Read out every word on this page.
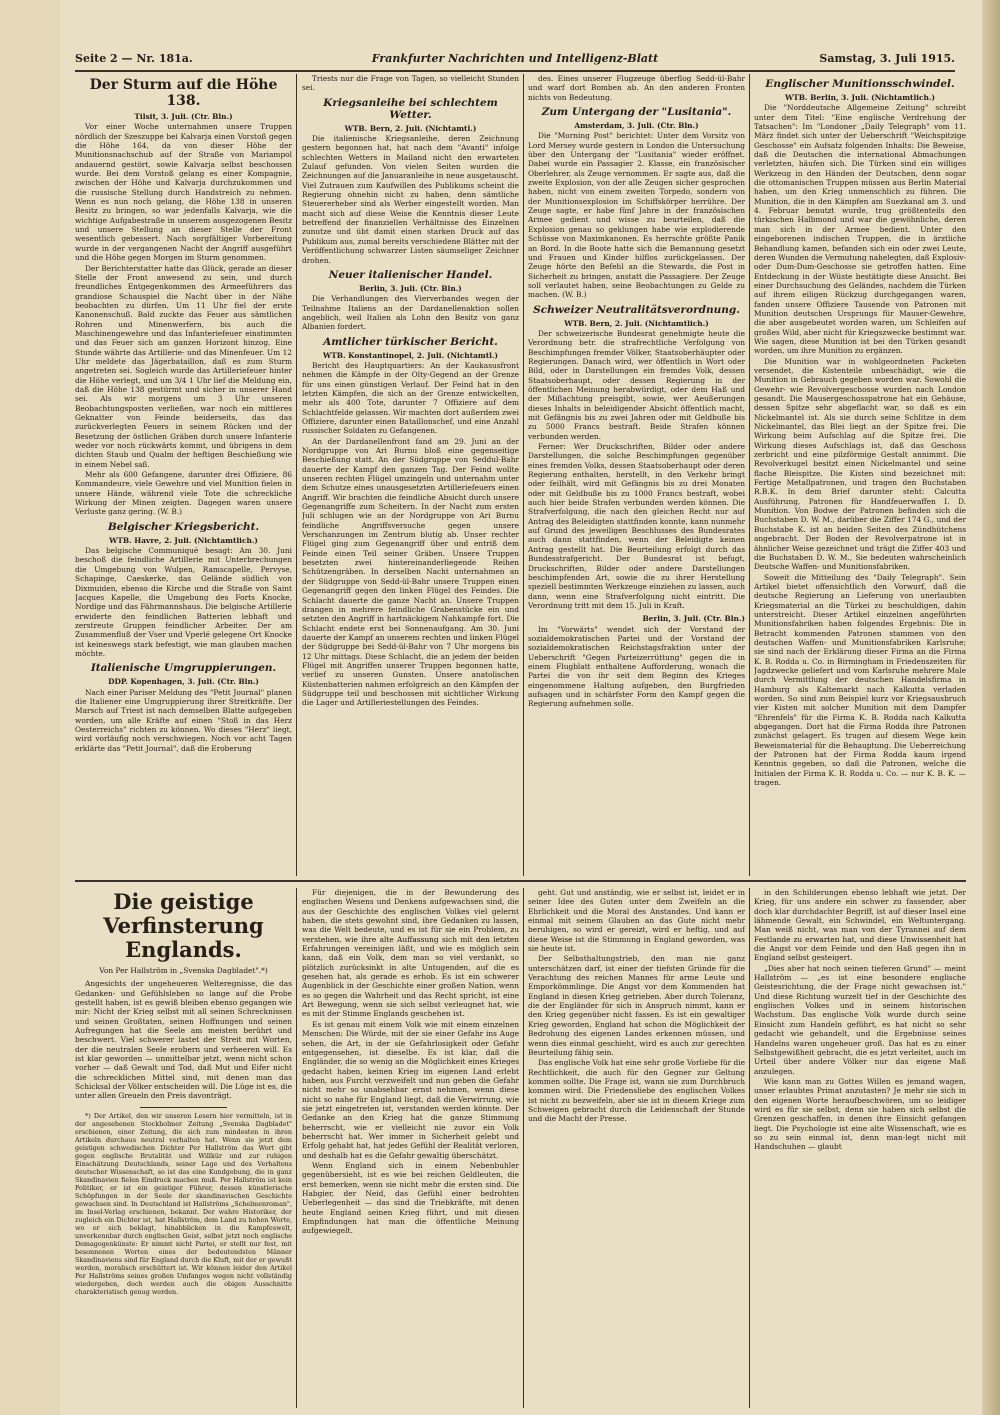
Seite 2 — Nr. 181a.	Frankfurter Nachrichten und Intelligenz-Blatt	Samstag, 3. Juli 1915.
Der Sturm auf die Höhe 138.

Tilsit, 3. Juli. (Ctr. Bln.)

Vor einer Woche unternahmen unsere Truppen nördlich der Szeszuppe bei Kalvarja einen Vorstoß gegen die Höhe 164, da von dieser Höhe der Munitionsnachschub auf der Straße von Mariampol andauernd gestört, sowie Kalvarja selbst beschossen wurde. Bei dem Vorstoß gelang es einer Kompagnie, zwischen der Höhe und Kalvarja durchzukommen und die russische Stellung durch Handstreich zu nehmen. Wenn es nun noch gelang, die Höhe 138 in unseren Besitz zu bringen, so war jedenfalls Kalvarja, wie die wichtige Aufgabestraße in unserem ausgezogenen Besitz und unsere Stellung an dieser Stelle der Front wesentlich gebessert. Nach sorgfältiger Vorbereitung wurde in der vergangenen Nacht der Angriff ausgeführt und die Höhe gegen Morgen im Sturm genommen.

Der Berichterstatter hatte das Glück, gerade an dieser Stelle der Front anwesend zu sein, und durch freundliches Entgegenkommen des Armeeführers das grandiose Schauspiel die Nacht über in der Nähe beobachten zu dürfen. Um 11 Uhr fiel der erste Kanonenschuß. Bald zuckte das Feuer aus sämtlichen Rohren und Minenwerfern, bis auch die Maschinengewehre und das Infanteriefeuer einstimmten und das Feuer sich am ganzen Horizont hinzog. Eine Stunde währte das Artillerie- und das Minenfeuer. Um 12 Uhr meldete das Jägerbataillon, daß es zum Sturm angetreten sei. Sogleich wurde das Artilleriefeuer hinter die Höhe verlegt, und um 3/4 1 Uhr lief die Meldung ein, daß die Höhe 138 gestürmt und sicher in unserer Hand sei. Als wir morgens um 3 Uhr unseren Beobachtungsposten verließen, war noch ein mittleres Geknatter von Feinde beiderseits, das das zurückverlegten Feuers in seinem Rücken und der Besetzung der östlichen Gräben durch unsere Infanterie weder vor noch rückwärts kommt, und übrigens in dem dichten Staub und Qualm der heftigen Beschießung wie in einem Nebel saß.

Mehr als 600 Gefangene, darunter drei Offiziere, 86 Kommandeure, viele Gewehre und viel Munition fielen in unsere Hände, während viele Tote die schreckliche Wirkung der Minen zeigten. Dagegen waren unsere Verluste ganz gering. (W. B.)

Belgischer Kriegsbericht.

WTB. Havre, 2. Juli. (Nichtamtlich.)

Das belgische Communiqué besagt: Am 30. Juni beschoß die feindliche Artillerie mit Unterbrechungen die Umgebung von Wulpen, Ramscapelle, Pervyse, Schapinge, Caeskerke, das Gelände südlich von Dixmuiden, ebenso die Kirche und die Straße von Saint Jacques Kapelle, die Umgebung des Forts Knocke, Nordige und das Fährmannshaus. Die belgische Artillerie erwiderte den feindlichen Batterien lebhaft und zerstreute Gruppen feindlicher Arbeiter. Der am Zusammenfluß der Vser und Vperlé gelegene Ort Knocke ist keineswegs stark befestigt, wie man glauben machen möchte.

Italienische Umgruppierungen.

DDP. Kopenhagen, 3. Juli. (Ctr. Bln.)

Nach einer Pariser Meldung des "Petit Journal" planen die Italiener eine Umgruppierung ihrer Streitkräfte. Der Marsch auf Triest ist nach demselben Blatte aufgegeben worden, um alle Kräfte auf einen "Stoß in das Herz Oesterreichs" richten zu können. Wo dieses "Herz" liegt, wird vorläufig noch verschwiegen. Noch vor acht Tagen erklärte das "Petit Journal", daß die Eroberung

Triests nur die Frage von Tagen, so vielleicht Stunden sei.

Kriegsanleihe bei schlechtem Wetter.

WTB. Bern, 2. Juli. (Nichtamtl.)

Die italienische Kriegsanleihe, deren Zeichnung gestern begonnen hat, hat nach dem "Avanti" infolge schlechten Wetters in Mailand nicht den erwarteten Zulauf gefunden. Von vielen Seiten wurden die Zeichnungen auf die Januaranleihe in neue ausgetauscht. Viel Zutrauen zum Kaufwillen des Publikums scheint die Regierung ohnehin nicht zu haben, denn sämtliche Steuererheber sind als Werber eingestellt worden. Man macht sich auf diese Weise die Kenntnis dieser Leute betreffend der finanziellen Verhältnisse des Einzelnen zunutze und übt damit einen starken Druck auf das Publikum aus, zumal bereits verschiedene Blätter mit der Veröffentlichung schwarzer Listen säumseliger Zeichner drohen.

Neuer italienischer Handel.

Berlin, 3. Juli. (Ctr. Bln.)

Die Verhandlungen des Vierverbandes wegen der Teilnahme Italiens an der Dardanellenaktion sollen angeblich, weil Italien als Lohn den Besitz von ganz Albanien fordert.

Amtlicher türkischer Bericht.

WTB. Konstantinopel, 2. Juli. (Nichtamtl.)

Bericht des Hauptquartiers: An der Kaukasusfront nehmen die Kämpfe in der Olty-Gegend an der Grenze für uns einen günstigen Verlauf. Der Feind hat in den letzten Kämpfen, die sich an der Grenze entwickelten, mehr als 400 Tote, darunter 7 Offiziere auf dem Schlachtfelde gelassen. Wir machten dort außerdem zwei Offiziere, darunter einen Bataillonschef, und eine Anzahl russischer Soldaten zu Gefangenen.

An der Dardanellenfront fand am 29. Juni an der Nordgruppe von Ari Burnu bloß eine gegenseitige Beschießung statt. An der Südgruppe von Seddul-Bahr dauerte der Kampf den ganzen Tag. Der Feind wollte unseren rechten Flügel umzingeln und unternahm unter dem Schutze eines unausgesetzten Artilleriefeuers einen Angriff. Wir brachten die feindliche Absicht durch unsere Gegenangriffe zum Scheitern. In der Nacht zum ersten Juli schlugen wie an der Nordgruppe von Ari Burnu feindliche Angriffsversuche gegen unsere Verschanzungen im Zentrum blutig ab. Unser rechter Flügel ging zum Gegenangriff über und entriß dem Feinde einen Teil seiner Gräben. Unsere Truppen besetzten zwei hintereinanderliegende Reihen Schützengräben. In derselben Nacht unternahmen an der Südgruppe von Sedd-ül-Bahr unsere Truppen einen Gegenangriff gegen den linken Flügel des Feindes. Die Schlacht dauerte die ganze Nacht an. Unsere Truppen drangen in mehrere feindliche Grabenstücke ein und setzten den Angriff in hartnäckigem Nahkampfe fort. Die Schlacht endete erst bei Sonnenaufgang. Am 30. Juni dauerte der Kampf an unserem rechten und linken Flügel der Südgruppe bei Sedd-ül-Bahr von 7 Uhr morgens bis 12 Uhr mittags. Diese Schlacht, die an jedem der beiden Flügel mit Angriffen unserer Truppen begonnen hatte, verlief zu unseren Gunsten. Unsere anatolischen Küstenbatterien nahmen erfolgreich an den Kämpfen der Südgruppe teil und beschossen mit sichtlicher Wirkung die Lager und Artilleriestellungen des Feindes.

des. Eines unserer Flugzeuge überflog Sedd-ül-Bahr und warf dort Bomben ab. An den anderen Fronten nichts von Bedeutung.

Zum Untergang der "Lusitania".

Amsterdam, 3. Juli. (Ctr. Bln.)

Die "Morning Post" berichtet: Unter dem Vorsitz von Lord Mersey wurde gestern in London die Untersuchung über den Untergang der "Lusitania" wieder eröffnet. Dabei wurde ein Passagier 2. Klasse, ein französischer Oberlehrer, als Zeuge vernommen. Er sagte aus, daß die zweite Explosion, von der alle Zeugen sicher gesprochen haben, nicht von einem zweiten Torpedo, sondern von der Munitionsexplosion im Schiffskörper herrühre. Der Zeuge sagte, er habe fünf Jahre in der französischen Armee gedient und wisse zu beurteilen, daß die Explosion genau so geklungen habe wie explodierende Schüsse von Maximkanonen. Es herrschte größte Panik an Bord. In die Boote hatte sich die Bemannung gesetzt und Frauen und Kinder hilflos zurückgelassen. Der Zeuge hörte den Befehl an die Stewards, die Post in Sicherheit zu bringen, anstatt die Passagiere. Der Zeuge soll verlautet haben, seine Beobachtungen zu Gelde zu machen. (W. B.)

Schweizer Neutralitätsverordnung.

WTB. Bern, 2. Juli. (Nichtamtlich.)

Der schweizerische Bundesrat genehmigte heute die Verordnung betr. die strafrechtliche Verfolgung von Beschimpfungen fremder Völker, Staatsoberhäupter oder Regierungen. Danach wird, wer öffentlich in Wort oder Bild, oder in Darstellungen ein fremdes Volk, dessen Staatsoberhaupt, oder dessen Regierung in der öffentlichen Meinung herabwürdigt, oder dem Haß und der Mißachtung preisgibt, sowie, wer Aeußerungen dieses Inhalts in beleidigender Absicht öffentlich macht, mit Gefängnis bis zu zwei Jahren oder mit Geldbuße bis zu 5000 Francs bestraft. Beide Strafen können verbunden werden.

Ferner: Wer Druckschriften, Bilder oder andere Darstellungen, die solche Beschimpfungen gegenüber eines fremden Volks, dessen Staatsoberhaupt oder deren Regierung enthalten, herstellt, in den Verkehr bringt oder feilhält, wird mit Gefängnis bis zu drei Monaten oder mit Geldbuße bis zu 1000 Francs bestraft, wobei auch hier beide Strafen verbunden werden können. Die Strafverfolgung, die nach den gleichen Recht nur auf Antrag des Beleidigten stattfinden konnte, kann nunmehr auf Grund des jeweiligen Beschlusses des Bundesrates auch dann stattfinden, wenn der Beleidigte keinen Antrag gestellt hat. Die Beurteilung erfolgt durch das Bundesstrafgericht. Der Bundesrat ist befugt, Druckschriften, Bilder oder andere Darstellungen beschimpfenden Art, sowie die zu ihrer Herstellung speziell bestimmten Werkzeuge einziehen zu lassen, auch dann, wenn eine Strafverfolgung nicht eintritt. Die Verordnung tritt mit dem 15. Juli in Kraft.

Berlin, 3. Juli. (Ctr. Bln.)

Im "Vorwärts" wendet sich der Vorstand der sozialdemokratischen Partei und der Vorstand der sozialdemokratischen Reichstagsfraktion unter der Ueberschrift "Gegen Parteizerrüttung" gegen die in einem Flugblatt enthaltene Aufforderung, wonach die Partei die von ihr seit dem Beginn des Krieges eingenommene Haltung aufgeben, den Burgfrieden aufsagen und in schärfster Form den Kampf gegen die Regierung aufnehmen solle.

Englischer Munitionsschwindel.

WTB. Berlin, 3. Juli. (Nichtamtlich.)

Die "Norddeutsche Allgemeine Zeitung" schreibt unter dem Titel: "Eine englische Verdrehung der Tatsachen": Im "Londoner „Daily Telegraph" vom 11. März findet sich unter der Ueberschrift "Weichspitzige Geschosse" ein Aufsatz folgenden Inhalts: Die Beweise, daß die Deutschen die international Abmachungen verletzten, häufen sich. Die Türken sind ein williges Werkzeug in den Händen der Deutschen, denn sogar die ottomanischen Truppen müssen aus Berlin Material haben, um den Krieg unmenschlich zu führen. Die Munition, die in den Kämpfen am Suezkanal am 3. und 4. Februar benutzt wurde, trug größtenteils den türkischen Halbmond und war die gewöhnliche, deren man sich in der Armee bedient. Unter den eingeborenen indischen Truppen, die in ärztliche Behandlung kamen, befanden sich ein oder zwei Leute, deren Wunden die Vermutung nahelegten, daß Explosiv- oder Dum-Dum-Geschosse sie getroffen hatten. Eine Entdeckung in der Wüste bestätigte diese Ansicht. Bei einer Durchsuchung des Geländes, nachdem die Türken auf ihrem eiligen Rückzug durchgegangen waren, fanden unsere Offiziere Tausende von Patronen mit Munition deutschen Ursprungs für Mauser-Gewehre, die aber ausgebeutet worden waren, um Schleifen auf großes Wild, aber nicht für Kriegszwecke bestimmt war. Wie sagen, diese Munition ist bei den Türken gesandt worden, um ihre Munition zu ergänzen.

Die Munition war in wohlgeordneten Packeten versendet, die Kistenteile unbeschädigt, wie die Munition in Gebrauch gegeben worden war. Sowohl die Gewehr- wie Revolvergeschosse wurden nach London gesandt. Die Mausergeschosspatrone hat ein Gehäuse, dessen Spitze sehr abgeflacht war, so daß es ein Nickelmantel ist. Als sie durch seine Schlitze in dem Nickelmantel, das Blei liegt an der Spitze frei. Die Wirkung beim Aufschlag auf die Spitze frei. Die Wirkung dieses Aufschlags ist, daß das Geschoss zerbricht und eine pilzförmige Gestalt annimmt. Die Revolverkugel besitzt einen Nickelmantel und seine flache Bleispitze. Die Kisten sind bezeichnet mit: Fertige Metallpatronen, und tragen den Buchstaben R.B.K. In dem Brief darunter steht: Calcutta Ausführung, Patronen für Handfeuerwaffen I. D. Munition. Von Bodwe der Patronen befinden sich die Buchstaben D. W. M., darüber die Ziffer 174 G., und der Buchstabe K. ist an beiden Seiten des Zündhütchens angebracht. Der Boden der Revolverpatrone ist in ähnlicher Weise gezeichnet und trägt die Ziffer 403 und die Buchstaben D. W. M., Sie bedeuten wahrscheinlich Deutsche Waffen- und Munitionsfabriken.

Soweit die Mitteilung des "Daily Telegraph". Sein Artikel bietet offensichtlich den Vorwurf, daß die deutsche Regierung an Lieferung von unerlaubten Kriegsmaterial an die Türkei zu beschuldigen, dahin unterstreicht. Dieser Artikel einzelnen angeführten Munitionsfabriken haben folgendes Ergebnis: Die in Betracht kommenden Patronen stammen von den deutschen Waffen- und Munitionsfabriken Karlsruhe; sie sind nach der Erklärung dieser Firma an die Firma K. B. Rodda u. Co. in Birmingham in Friedenszeiten für Jagdzwecke geliefert und vom Karlsruhe mehrere Male durch Vermittlung der deutschen Handelsfirma in Hamburg als Kaltemarkt nach Kalkutta verladen worden. So sind zum Beispiel kurz vor Kriegsausbruch vier Kisten mit solcher Munition mit dem Dampfer "Ehrenfels" für die Firma K. B. Rodda nach Kalkutta abgegangen. Dort hat die Firma Rodda ihre Patronen zunächst gelagert. Es trugen auf diesem Wege kein Beweismaterial für die Behauptung. Die Ueberreichung der Patronen hat der Firma Rodda kaum irgend Kenntnis gegeben, so daß die Patronen, welche die Initialen der Firma K. B. Rodda u. Co. — nur K. B. K. — tragen.

Die geistige Verfinsterung Englands.
Von Per Hallström in „Svenska Dagbladet".*)

Angesichts der ungeheueren Welteregnisse, die das Gedanken- und Gefühlsleben so lange auf die Probe gestellt haben, ist es gewiß bleiben ebenso gegangen wie mir: Nicht der Krieg selbst mit all seinen Schrecknissen und seinen Großtaten, seinen Hoffnungen und seinen Aufregungen hat die Seele am meisten berührt und beschwert. Viel schwerer lastet der Streit mit Worten, der die neutralen Seele erobern und verheeren will. Es ist klar geworden — unmittelbar jetzt, wenn nicht schon vorher — daß Gewalt und Tod, daß Mut und Eifer nicht die schrecklichen Mittel sind, mit denen man das Schicksal der Völker entscheiden will. Die Lüge ist es, die unter allen Greueln den Preis davonträgt.

*) Der Artikel, den wir unseren Lesern hier vermitteln, ist in der angesehenen Stockholmer Zeitung „Svenska Dagbladet" erschienen, einer Zeitung, die sich zum mindesten in ihren Artikeln durchaus neutral verhalten hat. Wenn sie jetzt dem geistigen schwedischen Dichter Per Hallström das Wort gibt gegen englische Brutalität und Willkür und zur ruhigen Einschätzung Deutschlands, seiner Lage und des Verhaltens deutscher Wissenschaft, so ist das eine Kundgebung, die in ganz Skandinavien fielen Eindruck machen muß. Per Hallström ist kein Politiker, er ist ein geistiger Führer, dessen künstlerische Schöpfungen in der Seele der skandinavischen Geschichte gewachsen sind. In Deutschland ist Hallströms „Schelmenroman", im Insel-Verlag erschienen, bekannt. Der wahre Historiker, der zugleich ein Dichter ist, hat Hallström, dem Land zu hohen Worte, wo er sich beklagt, hinabblicken in die Kampfeswelt, unverkennbar durch englischen Geist, selbst jetzt noch englische Demagogenkünste: Er nimmt nicht Partei, er stellt nur fest, mit besonnenen Worten eines der bedeutendsten Männer Skandinaviens sind für England durch die Kluft, mit der er gewußt werden, moralisch erschüttert ist. Wir können leider den Artikel Per Hallströms seines großen Umfanges wegen nicht vollständig wiedergeben, doch werden auch die obigen Ausschnitte charakteristisch genug werden.

Für diejenigen, die in der Bewunderung des englischen Wesens und Denkens aufgewachsen sind, die aus der Geschichte des englischen Volkes viel gelernt haben, die stets gewohnt sind, ihre Gedanken zu lassen, was die Welt bedeute, und es ist für sie ein Problem, zu verstehen, wie ihre alte Auffassung sich mit den letzten Erfahrungen vereinigen läßt, und wie es möglich sein kann, daß ein Volk, dem man so viel verdankt, so plötzlich zurücksinkt in alte Untugenden, auf die es gesehen hat, als gerade es erhob. Es ist ein schwerer Augenblick in der Geschichte einer großen Nation, wenn es so gegen die Wahrheit und das Recht spricht, ist eine Art Bewegung, wenn sie sich selbst verleugnet hat, wie es mit der Stimme Englands geschehen ist.

Es ist genau mit einem Volk wie mit einem einzelnen Menschen: Die Würde, mit der sie einer Gefahr ins Auge sehen, die Art, in der sie Gefahrlosigkeit oder Gefahr entgegensehen, ist dieselbe. Es ist klar, daß die Engländer, die so wenig an die Möglichkeit eines Krieges gedacht haben, keinen Krieg im eigenen Land erlebt haben, aus Furcht verzweifelt und nun geben die Gefahr nicht mehr so unabsehbar ernst nehmen, wenn diese nicht so nahe für England liegt, daß die Verwirrung, wie sie jetzt eingetreten ist, verstanden werden könnte. Der Gedanke an den Krieg hat die ganze Stimmung beherrscht, wie er vielleicht nie zuvor ein Volk beherrscht hat. Wer immer in Sicherheit gelebt und Erfolg gehabt hat, hat jedes Gefühl der Realität verloren, und deshalb hat es die Gefahr gewaltig überschätzt.

Wenn England sich in einem Nebenbuhler gegenübersieht, ist es wie bei reichen Geldleuten, die erst bemerken, wenn sie nicht mehr die ersten sind. Die Habgier, der Neid, das Gefühl einer bedrohten Ueberlegenheit — das sind die Triebkräfte, mit denen heute England seinen Krieg führt, und mit diesen Empfindungen hat man die öffentliche Meinung aufgewiegelt.

geht. Gut und anständig, wie er selbst ist, leidet er in seiner Idee des Guten unter dem Zweifeln an die Ehrlichkeit und die Moral des Anstandes. Und kann er einmal mit seinem Glauben an das Gute nicht mehr beruhigen, so wird er gereizt, wird er heftig, und auf diese Weise ist die Stimmung in England geworden, was sie heute ist.

Der Selbsthaltungstrieb, den man nie ganz unterschätzen darf, ist einer der tiefsten Gründe für die Verachtung des reichen Mannes für arme Leute und Emporkömmlinge. Die Angst vor dem Kommenden hat England in diesen Krieg getrieben. Aber durch Toleranz, die der Engländer für sich in Anspruch nimmt, kann er den Krieg gegenüber nicht fassen. Es ist ein gewaltiger Krieg geworden, England hat schon die Möglichkeit der Bedrohung des eigenen Landes erkennen müssen, und wenn dies einmal geschieht, wird es auch zur gerechten Beurteilung fähig sein.

Das englische Volk hat eine sehr große Vorliebe für die Rechtlichkeit, die auch für den Gegner zur Geltung kommen sollte. Die Frage ist, wann sie zum Durchbruch kommen wird. Die Friedensliebe des englischen Volkes ist nicht zu bezweifeln, aber sie ist in diesem Kriege zum Schweigen gebracht durch die Leidenschaft der Stunde und die Macht der Presse.

in den Schilderungen ebenso lebhaft wie jetzt. Der Krieg, für uns andere ein schwer zu fassender, aber doch klar durchdachter Begriff, ist auf dieser Insel eine lähmende Gewalt, ein Schwindel, ein Weltuntergang. Man weiß nicht, was man von der Tyrannei auf dem Festlande zu erwarten hat, und diese Unwissenheit hat die Angst vor dem Feinde und den Haß gegen ihn in England selbst gesteigert.

„Dies aber hat noch seinen tieferen Grund" — meint Hallström — „es ist eine besondere englische Geistesrichtung, die der Frage nicht gewachsen ist." Und diese Richtung wurzelt tief in der Geschichte des englischen Volkes und in seinem historischen Wachstum. Das englische Volk wurde durch seine Einsicht zum Handeln geführt, es hat nicht so sehr gedacht wie gehandelt, und die Ergebnisse seines Handelns waren ungeheuer groß. Das hat es zu einer Selbstgewißheit gebracht, die es jetzt verleitet, auch im Urteil über andere Völker nur das eigene Maß anzulegen.

Wie kann man zu Gottes Willen es jemand wagen, unser erlaubtes Primat anzutasten? Je mehr sie sich in den eigenen Worte heraufbeschwören, um so leidiger wird es für sie selbst, denn sie haben sich selbst die Grenzen geschaffen, in denen ihre Einsicht gefangen liegt. Die Psychologie ist eine alte Wissenschaft, wie es so zu sein einmal ist, denn man-legt nicht mit Handschuhen — glaubt
